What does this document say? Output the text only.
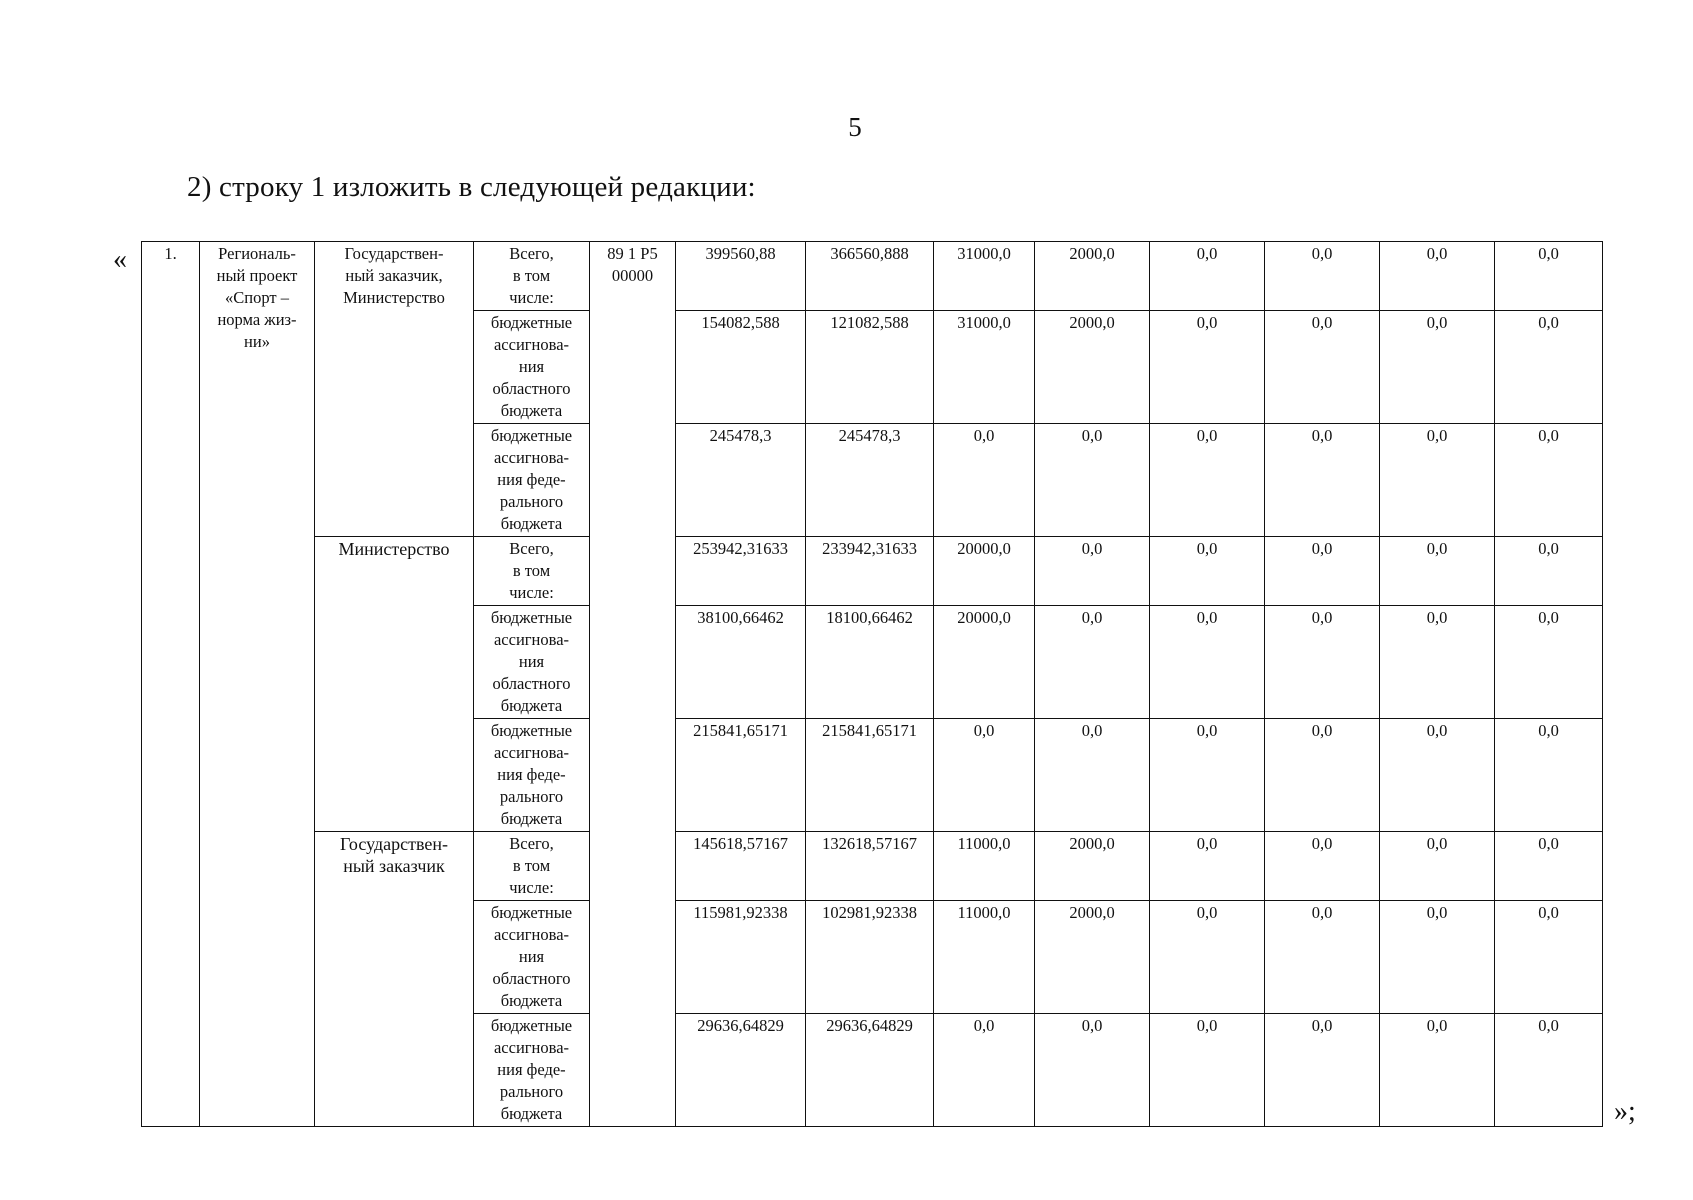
5
2) строку 1 изложить в следующей редакции:
«
»;
1.	Региональ-
ный проект
«Спорт –
норма жиз-
ни»	Государствен-
ный заказчик,
Министерство	Всего,
в том
числе:	89 1 P5
00000	399560,88	366560,888	31000,0	2000,0	0,0	0,0	0,0	0,0
			бюджетные
ассигнова-
ния
областного
бюджета		154082,588	121082,588	31000,0	2000,0	0,0	0,0	0,0	0,0
			бюджетные
ассигнова-
ния феде-
рального
бюджета		245478,3	245478,3	0,0	0,0	0,0	0,0	0,0	0,0
		Министерство	Всего,
в том
числе:		253942,31633	233942,31633	20000,0	0,0	0,0	0,0	0,0	0,0
			бюджетные
ассигнова-
ния
областного
бюджета		38100,66462	18100,66462	20000,0	0,0	0,0	0,0	0,0	0,0
			бюджетные
ассигнова-
ния феде-
рального
бюджета		215841,65171	215841,65171	0,0	0,0	0,0	0,0	0,0	0,0
		Государствен-
ный заказчик	Всего,
в том
числе:		145618,57167	132618,57167	11000,0	2000,0	0,0	0,0	0,0	0,0
			бюджетные
ассигнова-
ния
областного
бюджета		115981,92338	102981,92338	11000,0	2000,0	0,0	0,0	0,0	0,0
			бюджетные
ассигнова-
ния феде-
рального
бюджета		29636,64829	29636,64829	0,0	0,0	0,0	0,0	0,0	0,0
